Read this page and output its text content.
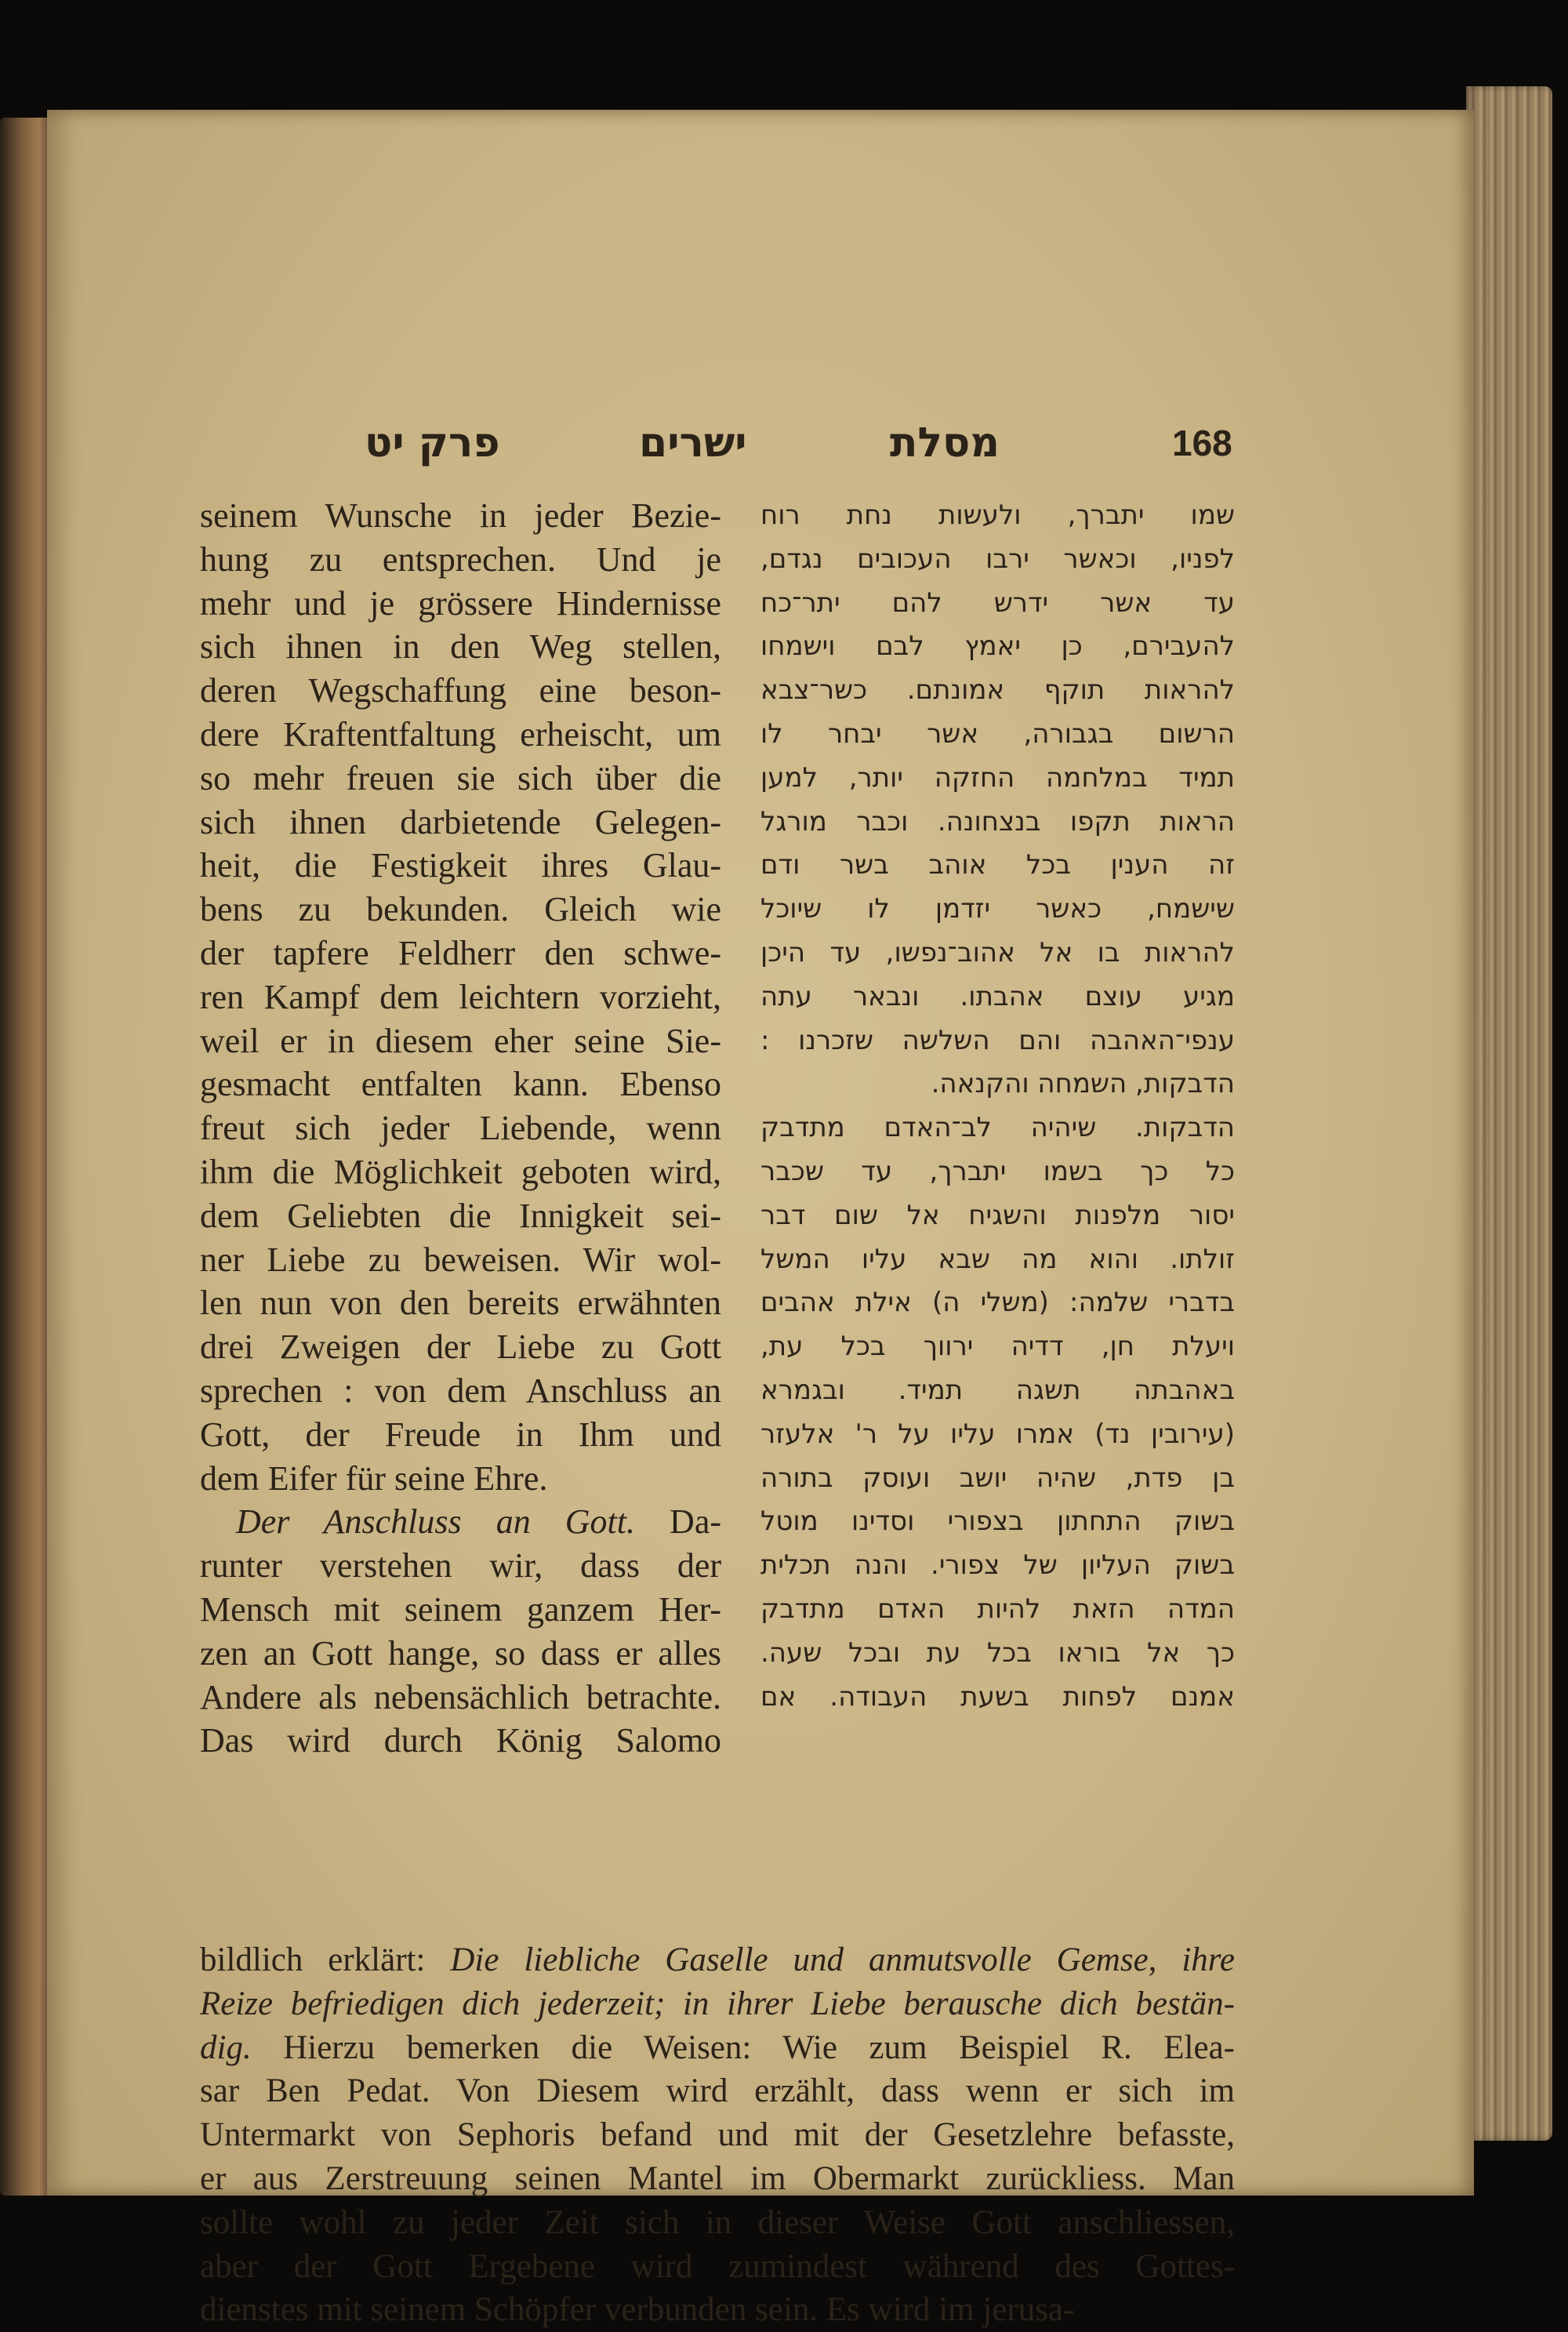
168
מסלת
ישרים
פרק יט
seinem Wunsche in jeder Bezie-
hung zu entsprechen. Und je
mehr und je grössere Hindernisse
sich ihnen in den Weg stellen,
deren Wegschaffung eine beson-
dere Kraftentfaltung erheischt, um
so mehr freuen sie sich über die
sich ihnen darbietende Gelegen-
heit, die Festigkeit ihres Glau-
bens zu bekunden. Gleich wie
der tapfere Feldherr den schwe-
ren Kampf dem leichtern vorzieht,
weil er in diesem eher seine Sie-
gesmacht entfalten kann. Ebenso
freut sich jeder Liebende, wenn
ihm die Möglichkeit geboten wird,
dem Geliebten die Innigkeit sei-
ner Liebe zu beweisen. Wir wol-
len nun von den bereits erwähnten
drei Zweigen der Liebe zu Gott
sprechen : von dem Anschluss an
Gott, der Freude in Ihm und
dem Eifer für seine Ehre.
Der Anschluss an Gott. Da-
runter verstehen wir, dass der
Mensch mit seinem ganzem Her-
zen an Gott hange, so dass er alles
Andere als nebensächlich betrachte.
Das wird durch König Salomo
שמו יתברך, ולעשות נחת רוח
לפניו, וכאשר ירבו העכובים נגדם,
עד אשר ידרש להם יתר־כח
להעבירם, כן יאמץ לבם וישמחו
להראות תוקף אמונתם. כשר־צבא
הרשום בגבורה, אשר יבחר לו
תמיד במלחמה החזקה יותר, למען
הראות תקפו בנצחונה. וכבר מורגל
זה הענין בכל אוהב בשר ודם
שישמח, כאשר יזדמן לו שיוכל
להראות בו אל אהוב־נפשו, עד היכן
מגיע עוצם אהבתו. ונבאר עתה
ענפי־האהבה והם השלשה שזכרנו :
הדבקות, השמחה והקנאה.
הדבקות. שיהיה לב־האדם מתדבק
כל כך בשמו יתברך, עד שכבר
יסור מלפנות והשגיח אל שום דבר
זולתו. והוא מה שבא עליו המשל
בדברי שלמה: (משלי ה) אילת אהבים
ויעלת חן, דדיה ירווך בכל עת,
באהבתה תשגה תמיד. ובגמרא
(עירובין נד) אמרו עליו על ר' אלעזר
בן פדת, שהיה יושב ועוסק בתורה
בשוק התחתון בצפורי וסדינו מוטל
בשוק העליון של צפורי. והנה תכלית
המדה הזאת להיות האדם מתדבק
כך אל בוראו בכל עת ובכל שעה.
אמנם לפחות בשעת העבודה. אם
bildlich erklärt: Die liebliche Gaselle und anmutsvolle Gemse, ihre
Reize befriedigen dich jederzeit; in ihrer Liebe berausche dich bestän-
dig. Hierzu bemerken die Weisen: Wie zum Beispiel R. Elea-
sar Ben Pedat. Von Diesem wird erzählt, dass wenn er sich im
Untermarkt von Sephoris befand und mit der Gesetzlehre befasste,
er aus Zerstreuung seinen Mantel im Obermarkt zurückliess. Man
sollte wohl zu jeder Zeit sich in dieser Weise Gott anschliessen,
aber der Gott Ergebene wird zumindest während des Gottes-
dienstes mit seinem Schöpfer verbunden sein. Es wird im jerusa-
